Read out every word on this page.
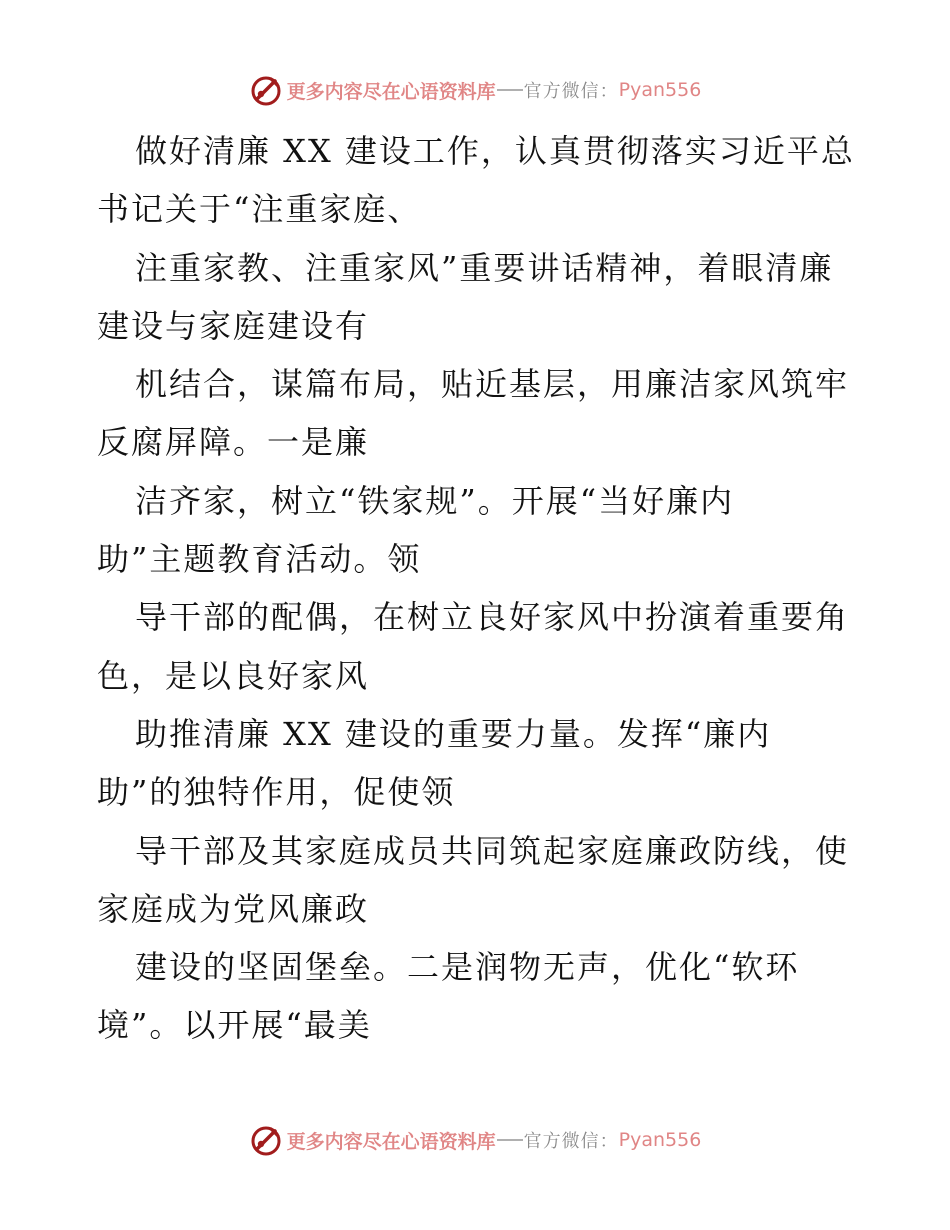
更多内容尽在心语资料库 官方微信： Pyan556
做好清廉 XX 建设工作，认真贯彻落实习近平总
书记关于“注重家庭、
注重家教、注重家风”重要讲话精神，着眼清廉
建设与家庭建设有
机结合，谋篇布局，贴近基层，用廉洁家风筑牢
反腐屏障。一是廉
洁齐家，树立“铁家规”。开展“当好廉内
助”主题教育活动。领
导干部的配偶，在树立良好家风中扮演着重要角
色，是以良好家风
助推清廉 XX 建设的重要力量。发挥“廉内
助”的独特作用，促使领
导干部及其家庭成员共同筑起家庭廉政防线，使
家庭成为党风廉政
建设的坚固堡垒。二是润物无声，优化“软环
境”。以开展“最美
更多内容尽在心语资料库 官方微信： Pyan556
